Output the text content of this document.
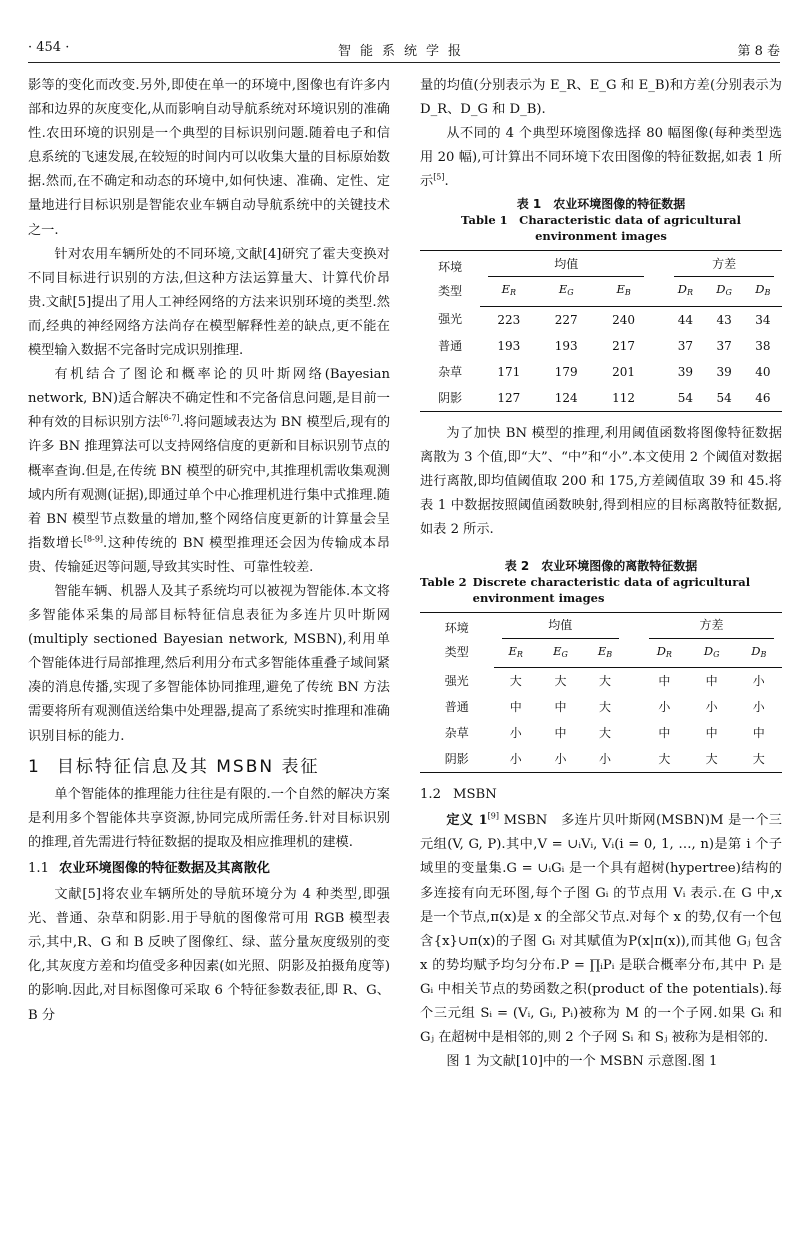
· 454 ·	智能系统学报	第 8 卷

影等的变化而改变.另外,即使在单一的环境中,图像也有许多内部和边界的灰度变化,从而影响自动导航系统对环境识别的准确性.农田环境的识别是一个典型的目标识别问题.随着电子和信息系统的飞速发展,在较短的时间内可以收集大量的目标原始数据.然而,在不确定和动态的环境中,如何快速、准确、定性、定量地进行目标识别是智能农业车辆自动导航系统中的关键技术之一.

针对农用车辆所处的不同环境,文献[4]研究了霍夫变换对不同目标进行识别的方法,但这种方法运算量大、计算代价昂贵.文献[5]提出了用人工神经网络的方法来识别环境的类型.然而,经典的神经网络方法尚存在模型解释性差的缺点,更不能在模型输入数据不完备时完成识别推理.

有机结合了图论和概率论的贝叶斯网络(Bayesian network, BN)适合解决不确定性和不完备信息问题,是目前一种有效的目标识别方法[6-7].将问题域表达为 BN 模型后,现有的许多 BN 推理算法可以支持网络信度的更新和目标识别节点的概率查询.但是,在传统 BN 模型的研究中,其推理机需收集观测域内所有观测(证据),即通过单个中心推理机进行集中式推理.随着 BN 模型节点数量的增加,整个网络信度更新的计算量会呈指数增长[8-9].这种传统的 BN 模型推理还会因为传输成本昂贵、传输延迟等问题,导致其实时性、可靠性较差.

智能车辆、机器人及其子系统均可以被视为智能体.本文将多智能体采集的局部目标特征信息表征为多连片贝叶斯网(multiply sectioned Bayesian network, MSBN),利用单个智能体进行局部推理,然后利用分布式多智能体重叠子域间紧凑的消息传播,实现了多智能体协同推理,避免了传统 BN 方法需要将所有观测值送给集中处理器,提高了系统实时推理和准确识别目标的能力.

1 目标特征信息及其 MSBN 表征

单个智能体的推理能力往往是有限的.一个自然的解决方案是利用多个智能体共享资源,协同完成所需任务.针对目标识别的推理,首先需进行特征数据的提取及相应推理机的建模.

1.1 农业环境图像的特征数据及其离散化

文献[5]将农业车辆所处的导航环境分为 4 种类型,即强光、普通、杂草和阴影.用于导航的图像常可用 RGB 模型表示,其中,R、G 和 B 反映了图像红、绿、蓝分量灰度级别的变化,其灰度方差和均值受多种因素(如光照、阴影及拍摄角度等)的影响.因此,对目标图像可采取 6 个特征参数表征,即 R、G、B 分

量的均值(分别表示为 E_R、E_G 和 E_B)和方差(分别表示为 D_R、D_G 和 D_B).

从不同的 4 个典型环境图像选择 80 幅图像(每种类型选用 20 幅),可计算出不同环境下农田图像的特征数据,如表 1 所示[5].

表 1　农业环境图像的特征数据
Table 1　Characteristic data of agricultural environment images
环境
类型	均值				方差		

	ER	EG	EB		DR	DG	DB
强光	223	227	240		44	43	34
普通	193	193	217		37	37	38
杂草	171	179	201		39	39	40
阴影	127	124	112		54	54	46

为了加快 BN 模型的推理,利用阈值函数将图像特征数据离散为 3 个值,即“大”、“中”和“小”.本文使用 2 个阈值对数据进行离散,即均值阈值取 200 和 175,方差阈值取 39 和 45.将表 1 中数据按照阈值函数映射,得到相应的目标离散特征数据,如表 2 所示.

表 2　农业环境图像的离散特征数据
Table 2 Discrete characteristic data of agricultural environment images
环境
类型	均值				方差		

	ER	EG	EB		DR	DG	DB
强光	大	大	大		中	中	小
普通	中	中	大		小	小	小
杂草	小	中	大		中	中	中
阴影	小	小	小		大	大	大
1.2 MSBN

定义 1[9] MSBN 多连片贝叶斯网(MSBN)M 是一个三元组(V, G, P).其中,V = ∪ᵢVᵢ, Vᵢ(i = 0, 1, …, n)是第 i 个子域里的变量集.G = ∪ᵢGᵢ 是一个具有超树(hypertree)结构的多连接有向无环图,每个子图 Gᵢ 的节点用 Vᵢ 表示.在 G 中,x 是一个节点,π(x)是 x 的全部父节点.对每个 x 的势,仅有一个包含{x}∪π(x)的子图 Gᵢ 对其赋值为P(x|π(x)),而其他 Gⱼ 包含 x 的势均赋予均匀分布.P = ∏ᵢPᵢ 是联合概率分布,其中 Pᵢ 是 Gᵢ 中相关节点的势函数之积(product of the potentials).每个三元组 Sᵢ = (Vᵢ, Gᵢ, Pᵢ)被称为 M 的一个子网.如果 Gᵢ 和 Gⱼ 在超树中是相邻的,则 2 个子网 Sᵢ 和 Sⱼ 被称为是相邻的.

图 1 为文献[10]中的一个 MSBN 示意图.图 1
